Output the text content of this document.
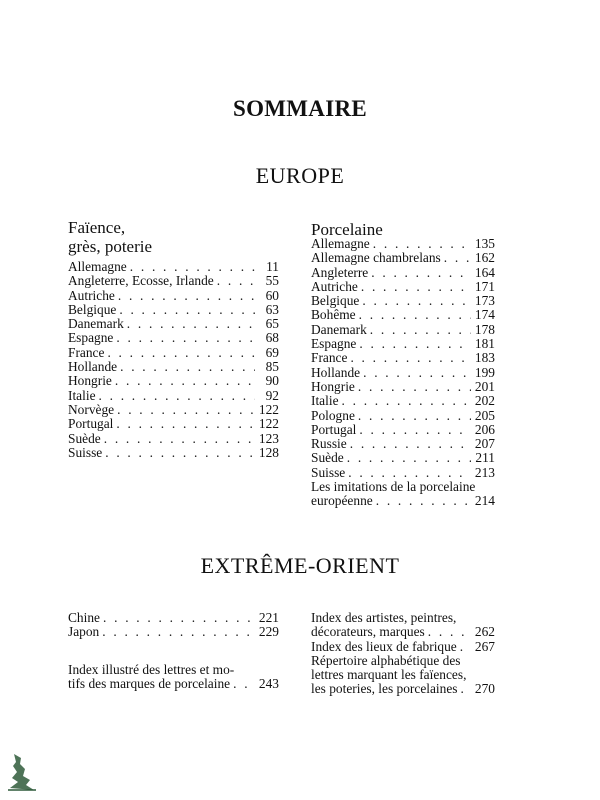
SOMMAIRE
EUROPE
Faïence,
grès, poterie
Allemagne . . .	11
Angleterre, Ecosse, Irlande . . .	55
Autriche . . .	60
Belgique . . .	63
Danemark . . .	65
Espagne . . .	68
France . . .	69
Hollande . . .	85
Hongrie . . .	90
Italie . . .	92
Norvège . . .	122
Portugal . . .	122
Suède . . .	123
Suisse . . .	128
Porcelaine
Allemagne . . .	135
Allemagne chambrelans . . .	162
Angleterre . . .	164
Autriche . . .	171
Belgique . . .	173
Bohême . . .	174
Danemark . . .	178
Espagne . . .	181
France . . .	183
Hollande . . .	199
Hongrie . . .	201
Italie . . .	202
Pologne . . .	205
Portugal . . .	206
Russie . . .	207
Suède . . .	211
Suisse . . .	213
Les imitations de la porcelaine
européenne . . .	214
EXTRÊME-ORIENT
Chine . . .	221
Japon . . .	229
Index illustré des lettres et mo-
tifs des marques de porcelaine . . . 243
Index des artistes, peintres,
décorateurs, marques . . .	262
Index des lieux de fabrique . . . 267
Répertoire alphabétique des
lettres marquant les faïences,
les poteries, les porcelaines . . . 270
